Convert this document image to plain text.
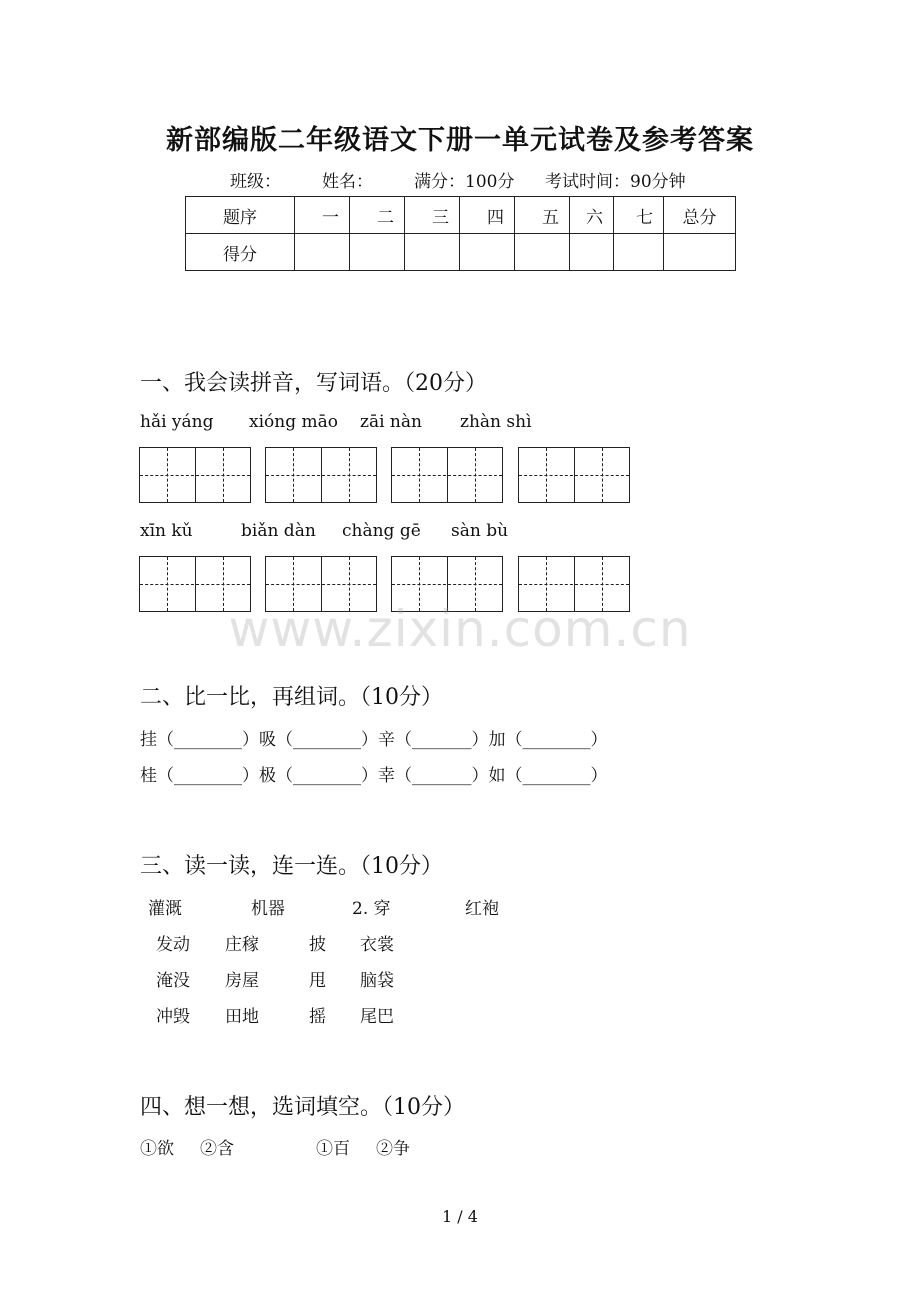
新部编版二年级语文下册一单元试卷及参考答案
班级： 姓名： 满分：100分 考试时间：90分钟
题序	一	二	三	四	五	六	七	总分
得分								
一、我会读拼音，写词语。（20分）
hǎi yáng xióng māo zāi nàn zhàn shì
xīn kǔ	biǎn dàn chàng gē sàn bù
www.zixin.com.cn
二、比一比，再组词。（10分）
挂（________）吸（________）辛（_______）加（________）
桂（________）极（________）幸（_______）如（________）
三、读一读，连一连。（10分）
灌溉	机器	2. 穿	红袍
发动 庄稼	披 衣裳
淹没 房屋	甩 脑袋
冲毁 田地	摇 尾巴
四、想一想，选词填空。（10分）
①欲 ②含	①百 ②争
1 / 4
